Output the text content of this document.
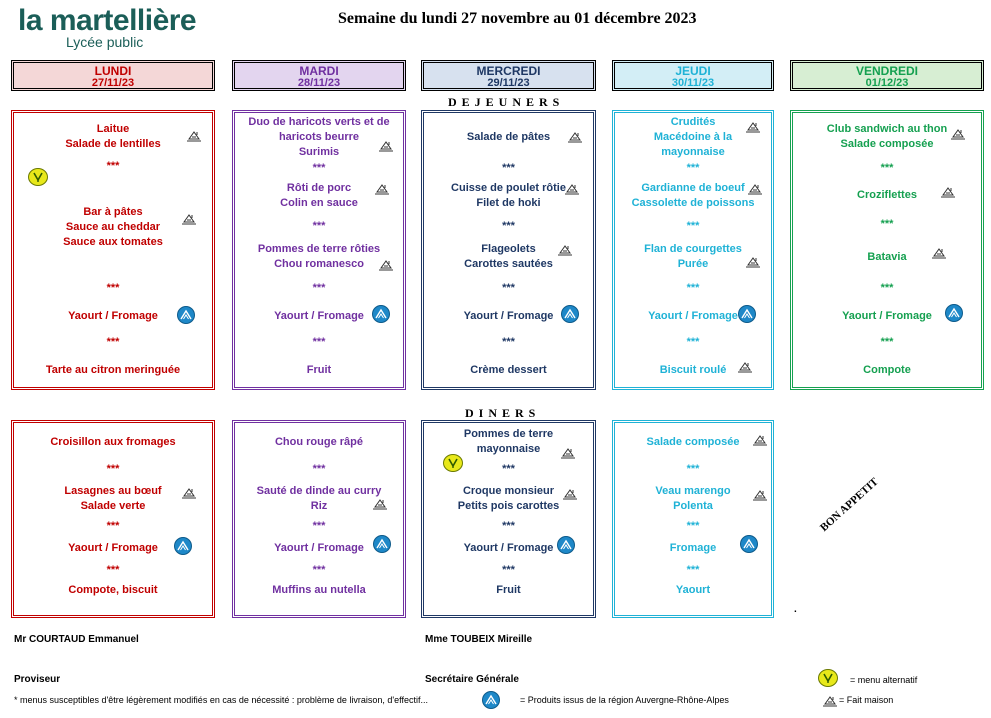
la martellière
Lycée public
Semaine du lundi 27 novembre au 01 décembre 2023
LUNDI
27/11/23
MARDI
28/11/23
MERCREDI
29/11/23
JEUDI
30/11/23
VENDREDI
01/12/23
DEJEUNERS
DINERS
Laitue
Salade de lentilles
***
Bar à pâtes
Sauce au cheddar
Sauce aux tomates
***
Yaourt / Fromage
***
Tarte au citron meringuée
Duo de haricots verts et de
haricots beurre
Surimis
***
Rôti de porc
Colin en sauce
***
Pommes de terre rôties
Chou romanesco
***
Yaourt / Fromage
***
Fruit
Salade de pâtes
***
Cuisse de poulet rôtie
Filet de hoki
***
Flageolets
Carottes sautées
***
Yaourt / Fromage
***
Crème dessert
Crudités
Macédoine à la
mayonnaise
***
Gardianne de boeuf
Cassolette de poissons
***
Flan de courgettes
Purée
***
Yaourt / Fromage
***
Biscuit roulé
Club sandwich au thon
Salade composée
***
Croziflettes
***
Batavia
***
Yaourt / Fromage
***
Compote
Croisillon aux fromages
***
Lasagnes au bœuf
Salade verte
***
Yaourt / Fromage
***
Compote, biscuit
Chou rouge râpé
***
Sauté de dinde au curry
Riz
***
Yaourt / Fromage
***
Muffins au nutella
Pommes de terre
mayonnaise
***
Croque monsieur
Petits pois carottes
***
Yaourt / Fromage
***
Fruit
Salade composée
***
Veau marengo
Polenta
***
Fromage
***
Yaourt
BON APPETIT
.
Mr COURTAUD Emmanuel	Mme TOUBEIX Mireille
Proviseur	Secrétaire Générale
* menus susceptibles d'être légèrement modifiés en cas de nécessité : problème de livraison, d'effectif...
= menu alternatif
= Produits issus de la région Auvergne-Rhône-Alpes	= Fait maison
